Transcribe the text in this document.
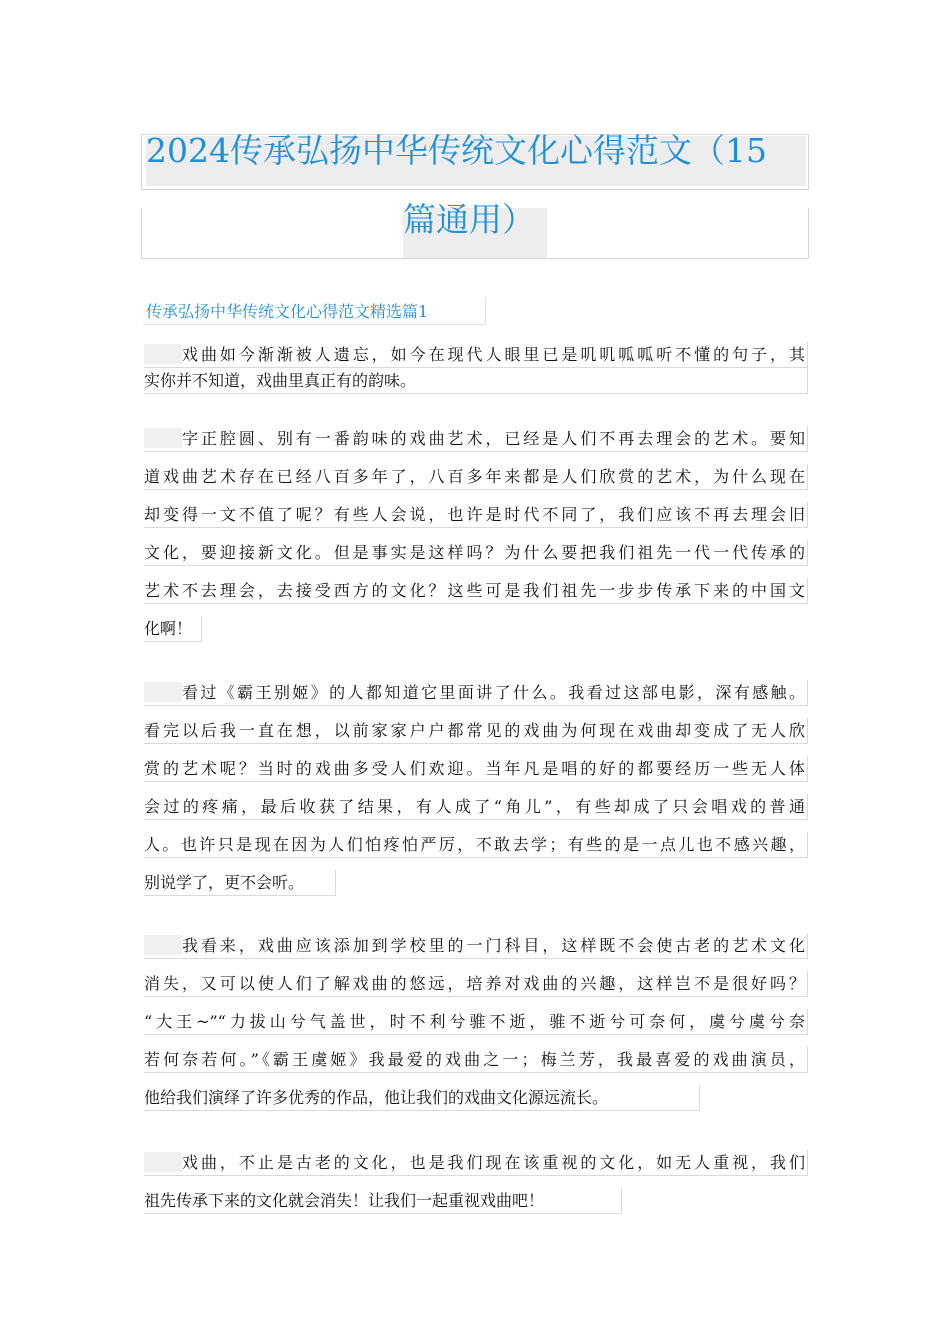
2024传承弘扬中华传统文化心得范文（15
篇通用）
传承弘扬中华传统文化心得范文精选篇1
戏曲如今渐渐被人遗忘，如今在现代人眼里已是叽叽呱呱听不懂的句子，其
实你并不知道，戏曲里真正有的韵味。
字正腔圆、别有一番韵味的戏曲艺术，已经是人们不再去理会的艺术。要知
道戏曲艺术存在已经八百多年了，八百多年来都是人们欣赏的艺术，为什么现在
却变得一文不值了呢？有些人会说，也许是时代不同了，我们应该不再去理会旧
文化，要迎接新文化。但是事实是这样吗？为什么要把我们祖先一代一代传承的
艺术不去理会，去接受西方的文化？这些可是我们祖先一步步传承下来的中国文
化啊！
看过《霸王别姬》的人都知道它里面讲了什么。我看过这部电影，深有感触。
看完以后我一直在想，以前家家户户都常见的戏曲为何现在戏曲却变成了无人欣
赏的艺术呢？当时的戏曲多受人们欢迎。当年凡是唱的好的都要经历一些无人体
会过的疼痛，最后收获了结果，有人成了“角儿”，有些却成了只会唱戏的普通
人。也许只是现在因为人们怕疼怕严厉，不敢去学；有些的是一点儿也不感兴趣，
别说学了，更不会听。
我看来，戏曲应该添加到学校里的一门科目，这样既不会使古老的艺术文化
消失，又可以使人们了解戏曲的悠远，培养对戏曲的兴趣，这样岂不是很好吗？
“大王~”“力拔山兮气盖世，时不利兮骓不逝，骓不逝兮可奈何，虞兮虞兮奈
若何奈若何。”《霸王虞姬》我最爱的戏曲之一；梅兰芳，我最喜爱的戏曲演员，
他给我们演绎了许多优秀的作品，他让我们的戏曲文化源远流长。
戏曲，不止是古老的文化，也是我们现在该重视的文化，如无人重视，我们
祖先传承下来的文化就会消失！让我们一起重视戏曲吧！
